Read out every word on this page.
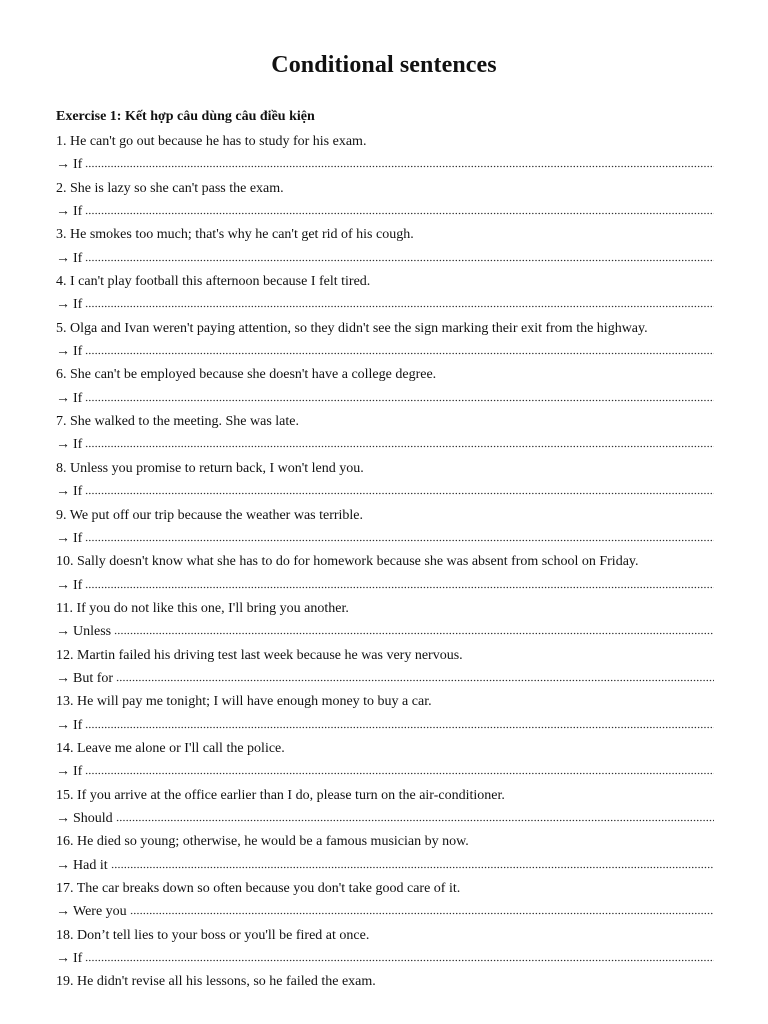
Conditional sentences
Exercise 1: Kết hợp câu dùng câu điều kiện
1. He can't go out because he has to study for his exam.
→ If
2. She is lazy so she can't pass the exam.
→ If
3. He smokes too much; that's why he can't get rid of his cough.
→ If
4. I can't play football this afternoon because I felt tired.
→ If
5. Olga and Ivan weren't paying attention, so they didn't see the sign marking their exit from the highway.
→ If
6. She can't be employed because she doesn't have a college degree.
→ If
7. She walked to the meeting. She was late.
→ If
8. Unless you promise to return back, I won't lend you.
→ If
9. We put off our trip because the weather was terrible.
→ If
10. Sally doesn't know what she has to do for homework because she was absent from school on Friday.
→ If
11. If you do not like this one, I'll bring you another.
→ Unless
12. Martin failed his driving test last week because he was very nervous.
→ But for
13. He will pay me tonight; I will have enough money to buy a car.
→ If
14. Leave me alone or I'll call the police.
→ If
15. If you arrive at the office earlier than I do, please turn on the air-conditioner.
→ Should
16. He died so young; otherwise, he would be a famous musician by now.
→ Had it
17. The car breaks down so often because you don't take good care of it.
→ Were you
18. Don’t tell lies to your boss or you'll be fired at once.
→ If
19. He didn't revise all his lessons, so he failed the exam.
